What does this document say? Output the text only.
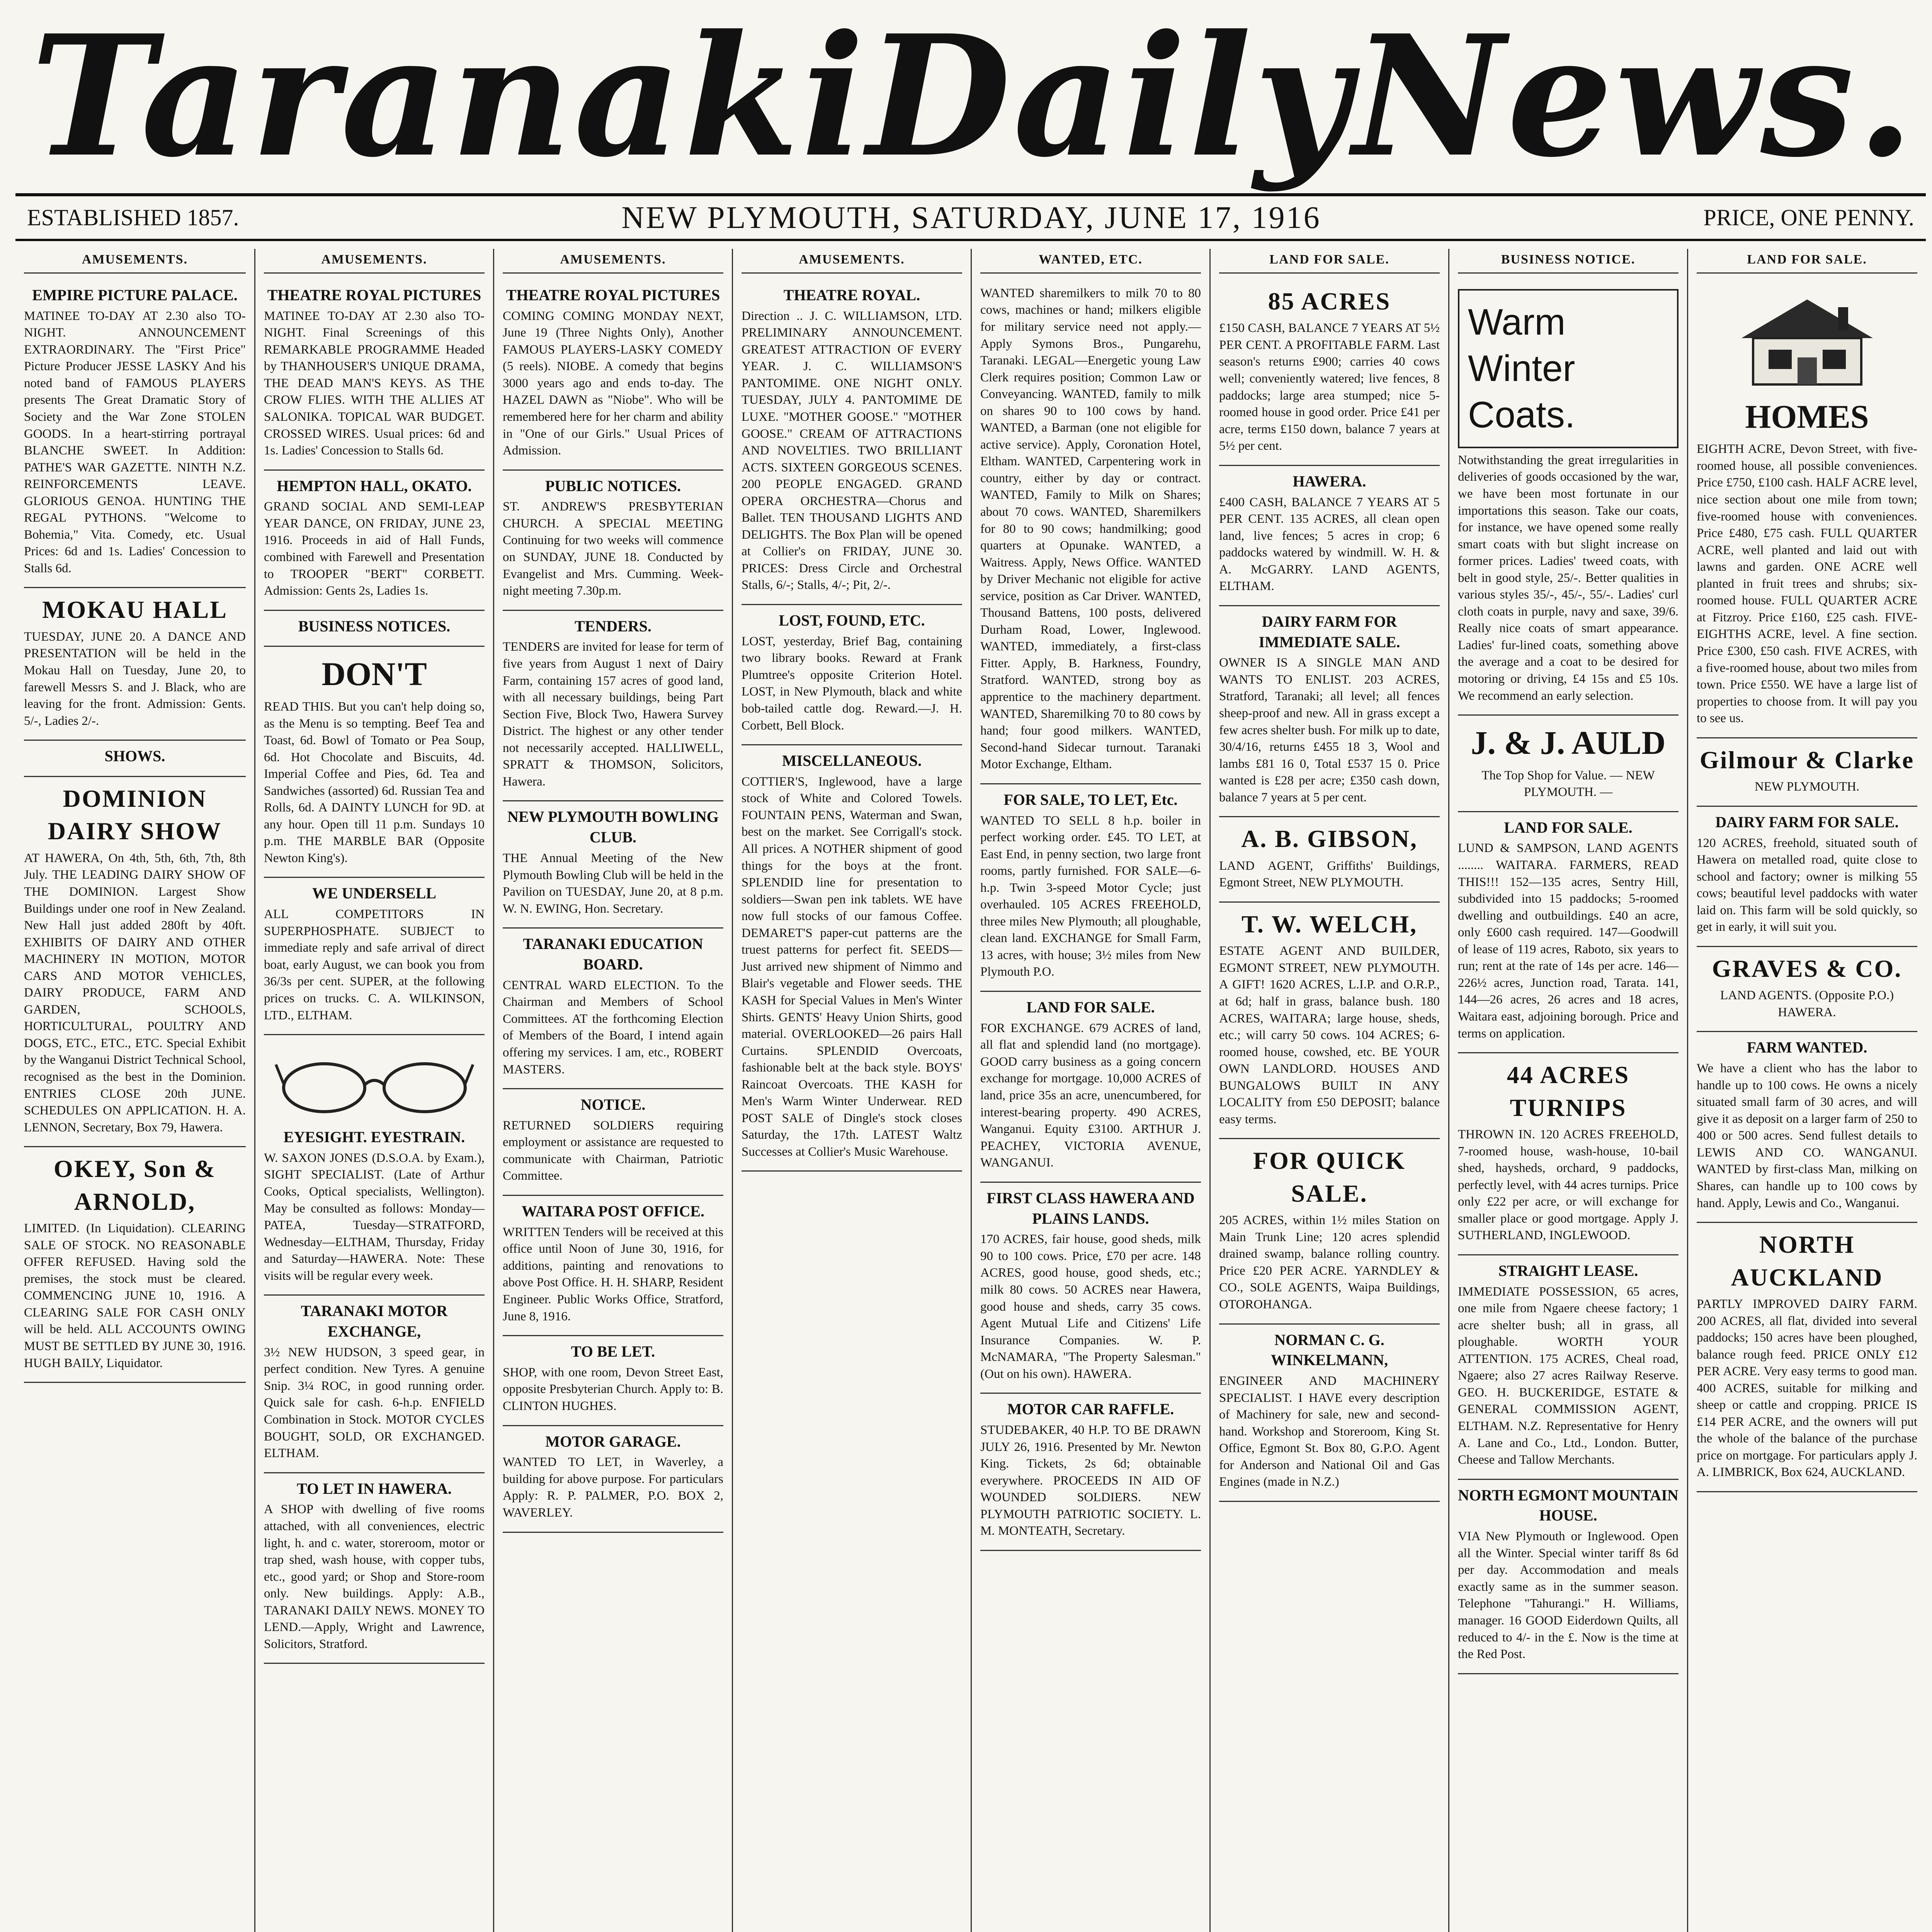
Taranaki Daily News.
ESTABLISHED 1857.	NEW PLYMOUTH, SATURDAY, JUNE 17, 1916	PRICE, ONE PENNY.
AMUSEMENTS.
EMPIRE PICTURE PALACE.

MATINEE TO-DAY AT 2.30 also TO-NIGHT. ANNOUNCEMENT EXTRAORDINARY. The "First Price" Picture Producer JESSE LASKY And his noted band of FAMOUS PLAYERS presents The Great Dramatic Story of Society and the War Zone STOLEN GOODS. In a heart-stirring portrayal BLANCHE SWEET. In Addition: PATHE'S WAR GAZETTE. NINTH N.Z. REINFORCEMENTS LEAVE. GLORIOUS GENOA. HUNTING THE REGAL PYTHONS. "Welcome to Bohemia," Vita. Comedy, etc. Usual Prices: 6d and 1s. Ladies' Concession to Stalls 6d.

MOKAU HALL

TUESDAY, JUNE 20. A DANCE AND PRESENTATION will be held in the Mokau Hall on Tuesday, June 20, to farewell Messrs S. and J. Black, who are leaving for the front. Admission: Gents. 5/-, Ladies 2/-.

SHOWS.
DOMINION DAIRY SHOW

AT HAWERA, On 4th, 5th, 6th, 7th, 8th July. THE LEADING DAIRY SHOW OF THE DOMINION. Largest Show Buildings under one roof in New Zealand. New Hall just added 280ft by 40ft. EXHIBITS OF DAIRY AND OTHER MACHINERY IN MOTION, MOTOR CARS AND MOTOR VEHICLES, DAIRY PRODUCE, FARM AND GARDEN, SCHOOLS, HORTICULTURAL, POULTRY AND DOGS, ETC., ETC., ETC. Special Exhibit by the Wanganui District Technical School, recognised as the best in the Dominion. ENTRIES CLOSE 20th JUNE. SCHEDULES ON APPLICATION. H. A. LENNON, Secretary, Box 79, Hawera.

OKEY, Son & ARNOLD,

LIMITED. (In Liquidation). CLEARING SALE OF STOCK. NO REASONABLE OFFER REFUSED. Having sold the premises, the stock must be cleared. COMMENCING JUNE 10, 1916. A CLEARING SALE FOR CASH ONLY will be held. ALL ACCOUNTS OWING MUST BE SETTLED BY JUNE 30, 1916. HUGH BAILY, Liquidator.

AMUSEMENTS.
THEATRE ROYAL PICTURES

MATINEE TO-DAY AT 2.30 also TO-NIGHT. Final Screenings of this REMARKABLE PROGRAMME Headed by THANHOUSER'S UNIQUE DRAMA, THE DEAD MAN'S KEYS. AS THE CROW FLIES. WITH THE ALLIES AT SALONIKA. TOPICAL WAR BUDGET. CROSSED WIRES. Usual prices: 6d and 1s. Ladies' Concession to Stalls 6d.

HEMPTON HALL, OKATO.

GRAND SOCIAL AND SEMI-LEAP YEAR DANCE, ON FRIDAY, JUNE 23, 1916. Proceeds in aid of Hall Funds, combined with Farewell and Presentation to TROOPER "BERT" CORBETT. Admission: Gents 2s, Ladies 1s.

BUSINESS NOTICES.
DON'T

READ THIS. But you can't help doing so, as the Menu is so tempting. Beef Tea and Toast, 6d. Bowl of Tomato or Pea Soup, 6d. Hot Chocolate and Biscuits, 4d. Imperial Coffee and Pies, 6d. Tea and Sandwiches (assorted) 6d. Russian Tea and Rolls, 6d. A DAINTY LUNCH for 9D. at any hour. Open till 11 p.m. Sundays 10 p.m. THE MARBLE BAR (Opposite Newton King's).

WE UNDERSELL

ALL COMPETITORS IN SUPERPHOSPHATE. SUBJECT to immediate reply and safe arrival of direct boat, early August, we can book you from 36/3s per cent. SUPER, at the following prices on trucks. C. A. WILKINSON, LTD., ELTHAM.

EYESIGHT. EYESTRAIN.

W. SAXON JONES (D.S.O.A. by Exam.), SIGHT SPECIALIST. (Late of Arthur Cooks, Optical specialists, Wellington). May be consulted as follows: Monday—PATEA, Tuesday—STRATFORD, Wednesday—ELTHAM, Thursday, Friday and Saturday—HAWERA. Note: These visits will be regular every week.

TARANAKI MOTOR EXCHANGE,

3½ NEW HUDSON, 3 speed gear, in perfect condition. New Tyres. A genuine Snip. 3¼ ROC, in good running order. Quick sale for cash. 6-h.p. ENFIELD Combination in Stock. MOTOR CYCLES BOUGHT, SOLD, OR EXCHANGED. ELTHAM.

TO LET IN HAWERA.

A SHOP with dwelling of five rooms attached, with all conveniences, electric light, h. and c. water, storeroom, motor or trap shed, wash house, with copper tubs, etc., good yard; or Shop and Store-room only. New buildings. Apply: A.B., TARANAKI DAILY NEWS. MONEY TO LEND.—Apply, Wright and Lawrence, Solicitors, Stratford.

AMUSEMENTS.
THEATRE ROYAL PICTURES

COMING COMING MONDAY NEXT, June 19 (Three Nights Only), Another FAMOUS PLAYERS-LASKY COMEDY (5 reels). NIOBE. A comedy that begins 3000 years ago and ends to-day. The HAZEL DAWN as "Niobe". Who will be remembered here for her charm and ability in "One of our Girls." Usual Prices of Admission.

PUBLIC NOTICES.

ST. ANDREW'S PRESBYTERIAN CHURCH. A SPECIAL MEETING Continuing for two weeks will commence on SUNDAY, JUNE 18. Conducted by Evangelist and Mrs. Cumming. Week-night meeting 7.30p.m.

TENDERS.

TENDERS are invited for lease for term of five years from August 1 next of Dairy Farm, containing 157 acres of good land, with all necessary buildings, being Part Section Five, Block Two, Hawera Survey District. The highest or any other tender not necessarily accepted. HALLIWELL, SPRATT & THOMSON, Solicitors, Hawera.

NEW PLYMOUTH BOWLING CLUB.

THE Annual Meeting of the New Plymouth Bowling Club will be held in the Pavilion on TUESDAY, June 20, at 8 p.m. W. N. EWING, Hon. Secretary.

TARANAKI EDUCATION BOARD.

CENTRAL WARD ELECTION. To the Chairman and Members of School Committees. AT the forthcoming Election of Members of the Board, I intend again offering my services. I am, etc., ROBERT MASTERS.

NOTICE.

RETURNED SOLDIERS requiring employment or assistance are requested to communicate with Chairman, Patriotic Committee.

WAITARA POST OFFICE.

WRITTEN Tenders will be received at this office until Noon of June 30, 1916, for additions, painting and renovations to above Post Office. H. H. SHARP, Resident Engineer. Public Works Office, Stratford, June 8, 1916.

TO BE LET.

SHOP, with one room, Devon Street East, opposite Presbyterian Church. Apply to: B. CLINTON HUGHES.

MOTOR GARAGE.

WANTED TO LET, in Waverley, a building for above purpose. For particulars Apply: R. P. PALMER, P.O. BOX 2, WAVERLEY.

AMUSEMENTS.
THEATRE ROYAL.

Direction .. J. C. WILLIAMSON, LTD. PRELIMINARY ANNOUNCEMENT. GREATEST ATTRACTION OF EVERY YEAR. J. C. WILLIAMSON'S PANTOMIME. ONE NIGHT ONLY. TUESDAY, JULY 4. PANTOMIME DE LUXE. "MOTHER GOOSE." "MOTHER GOOSE." CREAM OF ATTRACTIONS AND NOVELTIES. TWO BRILLIANT ACTS. SIXTEEN GORGEOUS SCENES. 200 PEOPLE ENGAGED. GRAND OPERA ORCHESTRA—Chorus and Ballet. TEN THOUSAND LIGHTS AND DELIGHTS. The Box Plan will be opened at Collier's on FRIDAY, JUNE 30. PRICES: Dress Circle and Orchestral Stalls, 6/-; Stalls, 4/-; Pit, 2/-.

LOST, FOUND, ETC.

LOST, yesterday, Brief Bag, containing two library books. Reward at Frank Plumtree's opposite Criterion Hotel. LOST, in New Plymouth, black and white bob-tailed cattle dog. Reward.—J. H. Corbett, Bell Block.

MISCELLANEOUS.

COTTIER'S, Inglewood, have a large stock of White and Colored Towels. FOUNTAIN PENS, Waterman and Swan, best on the market. See Corrigall's stock. All prices. A NOTHER shipment of good things for the boys at the front. SPLENDID line for presentation to soldiers—Swan pen ink tablets. WE have now full stocks of our famous Coffee. DEMARET'S paper-cut patterns are the truest patterns for perfect fit. SEEDS—Just arrived new shipment of Nimmo and Blair's vegetable and Flower seeds. THE KASH for Special Values in Men's Winter Shirts. GENTS' Heavy Union Shirts, good material. OVERLOOKED—26 pairs Hall Curtains. SPLENDID Overcoats, fashionable belt at the back style. BOYS' Raincoat Overcoats. THE KASH for Men's Warm Winter Underwear. RED POST SALE of Dingle's stock closes Saturday, the 17th. LATEST Waltz Successes at Collier's Music Warehouse.

WANTED, ETC.

WANTED sharemilkers to milk 70 to 80 cows, machines or hand; milkers eligible for military service need not apply.—Apply Symons Bros., Pungarehu, Taranaki. LEGAL—Energetic young Law Clerk requires position; Common Law or Conveyancing. WANTED, family to milk on shares 90 to 100 cows by hand. WANTED, a Barman (one not eligible for active service). Apply, Coronation Hotel, Eltham. WANTED, Carpentering work in country, either by day or contract. WANTED, Family to Milk on Shares; about 70 cows. WANTED, Sharemilkers for 80 to 90 cows; handmilking; good quarters at Opunake. WANTED, a Waitress. Apply, News Office. WANTED by Driver Mechanic not eligible for active service, position as Car Driver. WANTED, Thousand Battens, 100 posts, delivered Durham Road, Lower, Inglewood. WANTED, immediately, a first-class Fitter. Apply, B. Harkness, Foundry, Stratford. WANTED, strong boy as apprentice to the machinery department. WANTED, Sharemilking 70 to 80 cows by hand; four good milkers. WANTED, Second-hand Sidecar turnout. Taranaki Motor Exchange, Eltham.

FOR SALE, TO LET, Etc.

WANTED TO SELL 8 h.p. boiler in perfect working order. £45. TO LET, at East End, in penny section, two large front rooms, partly furnished. FOR SALE—6-h.p. Twin 3-speed Motor Cycle; just overhauled. 105 ACRES FREEHOLD, three miles New Plymouth; all ploughable, clean land. EXCHANGE for Small Farm, 13 acres, with house; 3½ miles from New Plymouth P.O.

LAND FOR SALE.

FOR EXCHANGE. 679 ACRES of land, all flat and splendid land (no mortgage). GOOD carry business as a going concern exchange for mortgage. 10,000 ACRES of land, price 35s an acre, unencumbered, for interest-bearing property. 490 ACRES, Wanganui. Equity £3100. ARTHUR J. PEACHEY, VICTORIA AVENUE, WANGANUI.

FIRST CLASS HAWERA AND PLAINS LANDS.

170 ACRES, fair house, good sheds, milk 90 to 100 cows. Price, £70 per acre. 148 ACRES, good house, good sheds, etc.; milk 80 cows. 50 ACRES near Hawera, good house and sheds, carry 35 cows. Agent Mutual Life and Citizens' Life Insurance Companies. W. P. McNAMARA, "The Property Salesman." (Out on his own). HAWERA.

MOTOR CAR RAFFLE.

STUDEBAKER, 40 H.P. TO BE DRAWN JULY 26, 1916. Presented by Mr. Newton King. Tickets, 2s 6d; obtainable everywhere. PROCEEDS IN AID OF WOUNDED SOLDIERS. NEW PLYMOUTH PATRIOTIC SOCIETY. L. M. MONTEATH, Secretary.

LAND FOR SALE.
85 ACRES

£150 CASH, BALANCE 7 YEARS AT 5½ PER CENT. A PROFITABLE FARM. Last season's returns £900; carries 40 cows well; conveniently watered; live fences, 8 paddocks; large area stumped; nice 5-roomed house in good order. Price £41 per acre, terms £150 down, balance 7 years at 5½ per cent.

HAWERA.

£400 CASH, BALANCE 7 YEARS AT 5 PER CENT. 135 ACRES, all clean open land, live fences; 5 acres in crop; 6 paddocks watered by windmill. W. H. & A. McGARRY. LAND AGENTS, ELTHAM.

DAIRY FARM FOR IMMEDIATE SALE.

OWNER IS A SINGLE MAN AND WANTS TO ENLIST. 203 ACRES, Stratford, Taranaki; all level; all fences sheep-proof and new. All in grass except a few acres shelter bush. For milk up to date, 30/4/16, returns £455 18 3, Wool and lambs £81 16 0, Total £537 15 0. Price wanted is £28 per acre; £350 cash down, balance 7 years at 5 per cent.

A. B. GIBSON,

LAND AGENT, Griffiths' Buildings, Egmont Street, NEW PLYMOUTH.

T. W. WELCH,

ESTATE AGENT AND BUILDER, EGMONT STREET, NEW PLYMOUTH. A GIFT! 1620 ACRES, L.I.P. and O.R.P., at 6d; half in grass, balance bush. 180 ACRES, WAITARA; large house, sheds, etc.; will carry 50 cows. 104 ACRES; 6-roomed house, cowshed, etc. BE YOUR OWN LANDLORD. HOUSES AND BUNGALOWS BUILT IN ANY LOCALITY from £50 DEPOSIT; balance easy terms.

FOR QUICK SALE.

205 ACRES, within 1½ miles Station on Main Trunk Line; 120 acres splendid drained swamp, balance rolling country. Price £20 PER ACRE. YARNDLEY & CO., SOLE AGENTS, Waipa Buildings, OTOROHANGA.

NORMAN C. G. WINKELMANN,

ENGINEER AND MACHINERY SPECIALIST. I HAVE every description of Machinery for sale, new and second-hand. Workshop and Storeroom, King St. Office, Egmont St. Box 80, G.P.O. Agent for Anderson and National Oil and Gas Engines (made in N.Z.)

BUSINESS NOTICE.
Warm Winter Coats.

Notwithstanding the great irregularities in deliveries of goods occasioned by the war, we have been most fortunate in our importations this season. Take our coats, for instance, we have opened some really smart coats with but slight increase on former prices. Ladies' tweed coats, with belt in good style, 25/-. Better qualities in various styles 35/-, 45/-, 55/-. Ladies' curl cloth coats in purple, navy and saxe, 39/6. Really nice coats of smart appearance. Ladies' fur-lined coats, something above the average and a coat to be desired for motoring or driving, £4 15s and £5 10s. We recommend an early selection.

J. & J. AULD

The Top Shop for Value. — NEW PLYMOUTH. —

LAND FOR SALE.

LUND & SAMPSON, LAND AGENTS ........ WAITARA. FARMERS, READ THIS!!! 152—135 acres, Sentry Hill, subdivided into 15 paddocks; 5-roomed dwelling and outbuildings. £40 an acre, only £600 cash required. 147—Goodwill of lease of 119 acres, Raboto, six years to run; rent at the rate of 14s per acre. 146—226½ acres, Junction road, Tarata. 141, 144—26 acres, 26 acres and 18 acres, Waitara east, adjoining borough. Price and terms on application.

44 ACRES TURNIPS

THROWN IN. 120 ACRES FREEHOLD, 7-roomed house, wash-house, 10-bail shed, haysheds, orchard, 9 paddocks, perfectly level, with 44 acres turnips. Price only £22 per acre, or will exchange for smaller place or good mortgage. Apply J. SUTHERLAND, INGLEWOOD.

STRAIGHT LEASE.

IMMEDIATE POSSESSION, 65 acres, one mile from Ngaere cheese factory; 1 acre shelter bush; all in grass, all ploughable. WORTH YOUR ATTENTION. 175 ACRES, Cheal road, Ngaere; also 27 acres Railway Reserve. GEO. H. BUCKERIDGE, ESTATE & GENERAL COMMISSION AGENT, ELTHAM. N.Z. Representative for Henry A. Lane and Co., Ltd., London. Butter, Cheese and Tallow Merchants.

NORTH EGMONT MOUNTAIN HOUSE.

VIA New Plymouth or Inglewood. Open all the Winter. Special winter tariff 8s 6d per day. Accommodation and meals exactly same as in the summer season. Telephone "Tahurangi." H. Williams, manager. 16 GOOD Eiderdown Quilts, all reduced to 4/- in the £. Now is the time at the Red Post.

LAND FOR SALE.
HOMES

EIGHTH ACRE, Devon Street, with five-roomed house, all possible conveniences. Price £750, £100 cash. HALF ACRE level, nice section about one mile from town; five-roomed house with conveniences. Price £480, £75 cash. FULL QUARTER ACRE, well planted and laid out with lawns and garden. ONE ACRE well planted in fruit trees and shrubs; six-roomed house. FULL QUARTER ACRE at Fitzroy. Price £160, £25 cash. FIVE-EIGHTHS ACRE, level. A fine section. Price £300, £50 cash. FIVE ACRES, with a five-roomed house, about two miles from town. Price £550. WE have a large list of properties to choose from. It will pay you to see us.

Gilmour & Clarke

NEW PLYMOUTH.

DAIRY FARM FOR SALE.

120 ACRES, freehold, situated south of Hawera on metalled road, quite close to school and factory; owner is milking 55 cows; beautiful level paddocks with water laid on. This farm will be sold quickly, so get in early, it will suit you.

GRAVES & CO.

LAND AGENTS. (Opposite P.O.) HAWERA.

FARM WANTED.

We have a client who has the labor to handle up to 100 cows. He owns a nicely situated small farm of 30 acres, and will give it as deposit on a larger farm of 250 to 400 or 500 acres. Send fullest details to LEWIS AND CO. WANGANUI. WANTED by first-class Man, milking on Shares, can handle up to 100 cows by hand. Apply, Lewis and Co., Wanganui.

NORTH AUCKLAND

PARTLY IMPROVED DAIRY FARM. 200 ACRES, all flat, divided into several paddocks; 150 acres have been ploughed, balance rough feed. PRICE ONLY £12 PER ACRE. Very easy terms to good man. 400 ACRES, suitable for milking and sheep or cattle and cropping. PRICE IS £14 PER ACRE, and the owners will put the whole of the balance of the purchase price on mortgage. For particulars apply J. A. LIMBRICK, Box 624, AUCKLAND.
